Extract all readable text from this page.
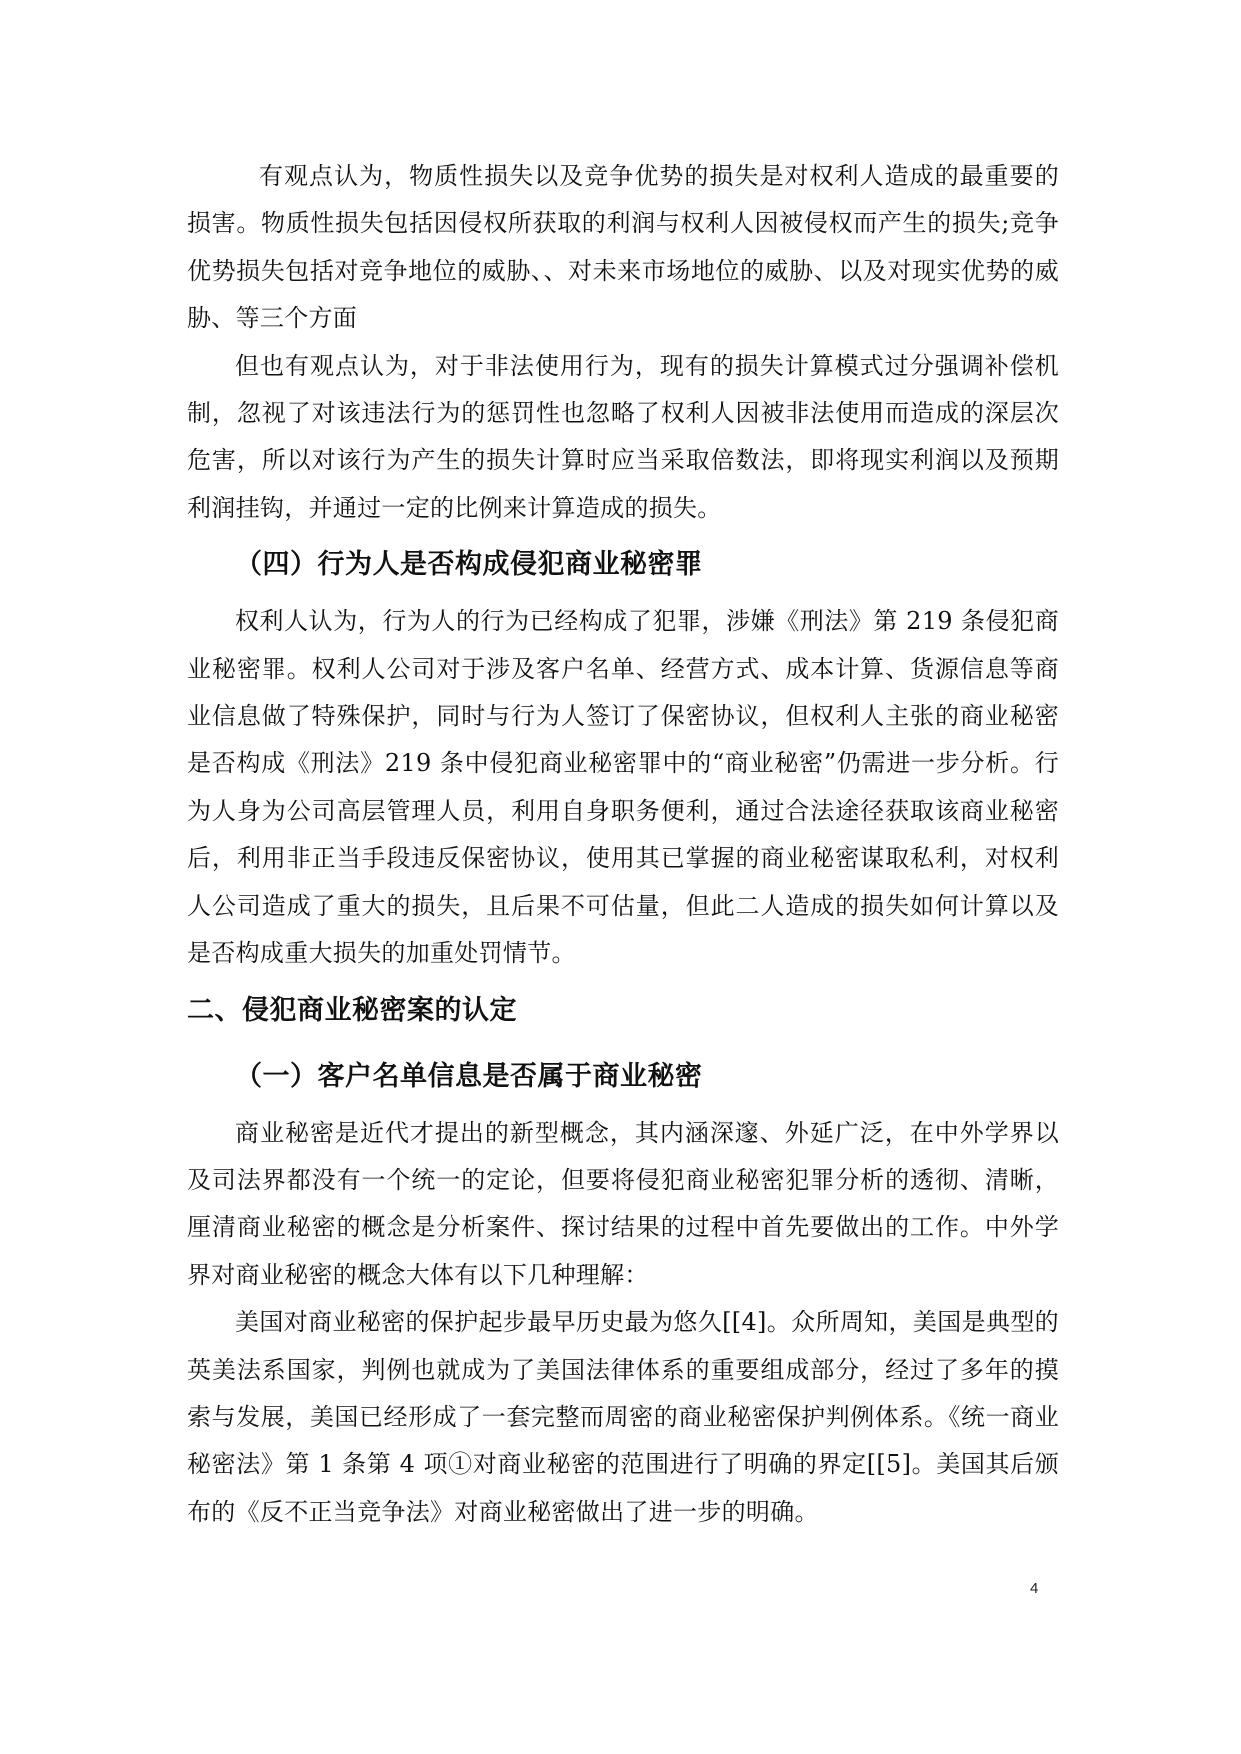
有观点认为，物质性损失以及竞争优势的损失是对权利人造成的最重要的损害。物质性损失包括因侵权所获取的利润与权利人因被侵权而产生的损失;竞争优势损失包括对竞争地位的威胁、、对未来市场地位的威胁、以及对现实优势的威胁、等三个方面

但也有观点认为，对于非法使用行为，现有的损失计算模式过分强调补偿机制，忽视了对该违法行为的惩罚性也忽略了权利人因被非法使用而造成的深层次危害，所以对该行为产生的损失计算时应当采取倍数法，即将现实利润以及预期利润挂钩，并通过一定的比例来计算造成的损失。

（四）行为人是否构成侵犯商业秘密罪

权利人认为，行为人的行为已经构成了犯罪，涉嫌《刑法》第 219 条侵犯商业秘密罪。权利人公司对于涉及客户名单、经营方式、成本计算、货源信息等商业信息做了特殊保护，同时与行为人签订了保密协议，但权利人主张的商业秘密是否构成《刑法》219 条中侵犯商业秘密罪中的“商业秘密”仍需进一步分析。行为人身为公司高层管理人员，利用自身职务便利，通过合法途径获取该商业秘密后，利用非正当手段违反保密协议，使用其已掌握的商业秘密谋取私利，对权利人公司造成了重大的损失，且后果不可估量，但此二人造成的损失如何计算以及是否构成重大损失的加重处罚情节。

二、侵犯商业秘密案的认定
（一）客户名单信息是否属于商业秘密

商业秘密是近代才提出的新型概念，其内涵深邃、外延广泛，在中外学界以及司法界都没有一个统一的定论，但要将侵犯商业秘密犯罪分析的透彻、清晰，厘清商业秘密的概念是分析案件、探讨结果的过程中首先要做出的工作。中外学界对商业秘密的概念大体有以下几种理解：

美国对商业秘密的保护起步最早历史最为悠久[[4]。众所周知，美国是典型的英美法系国家，判例也就成为了美国法律体系的重要组成部分，经过了多年的摸索与发展，美国已经形成了一套完整而周密的商业秘密保护判例体系。《统一商业秘密法》第 1 条第 4 项①对商业秘密的范围进行了明确的界定[[5]。美国其后颁布的《反不正当竞争法》对商业秘密做出了进一步的明确。

4
